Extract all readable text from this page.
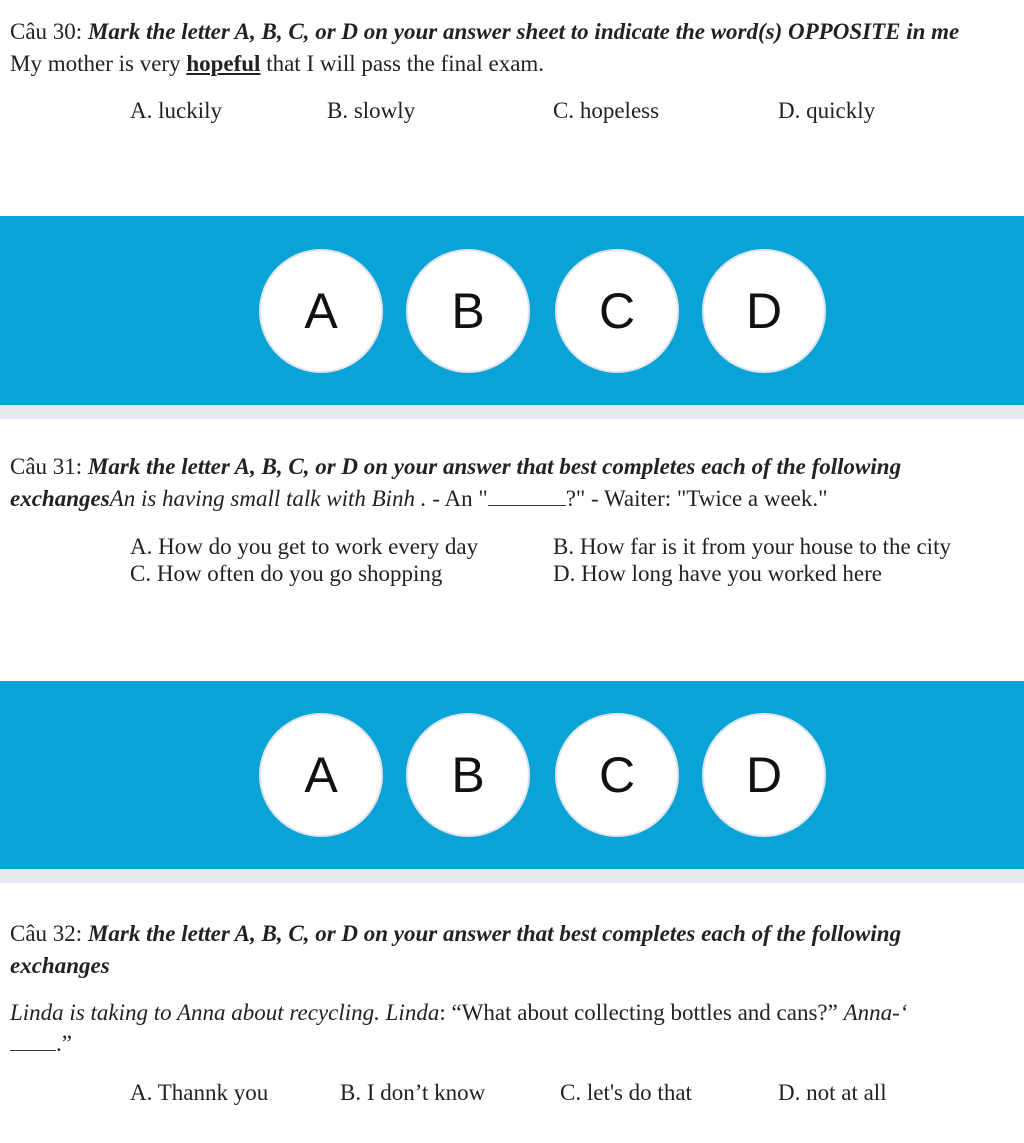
Câu 30: Mark the letter A, B, C, or D on your answer sheet to indicate the word(s) OPPOSITE in me
My mother is very hopeful that I will pass the final exam.
A. luckily	B. slowly	C. hopeless	D. quickly
A	B	C	D
Câu 31: Mark the letter A, B, C, or D on your answer that best completes each of the following
exchangesAn is having small talk with Binh . - An "	?" - Waiter: "Twice a week."
A. How do you get to work every day	B. How far is it from your house to the city
C. How often do you go shopping	D. How long have you worked here
A	B	C	D
Câu 32: Mark the letter A, B, C, or D on your answer that best completes each of the following
exchanges
Linda is taking to Anna about recycling. Linda: “What about collecting bottles and cans?” Anna-‘
.”
A. Thannk you	B. I don’t know	C. let's do that	D. not at all
